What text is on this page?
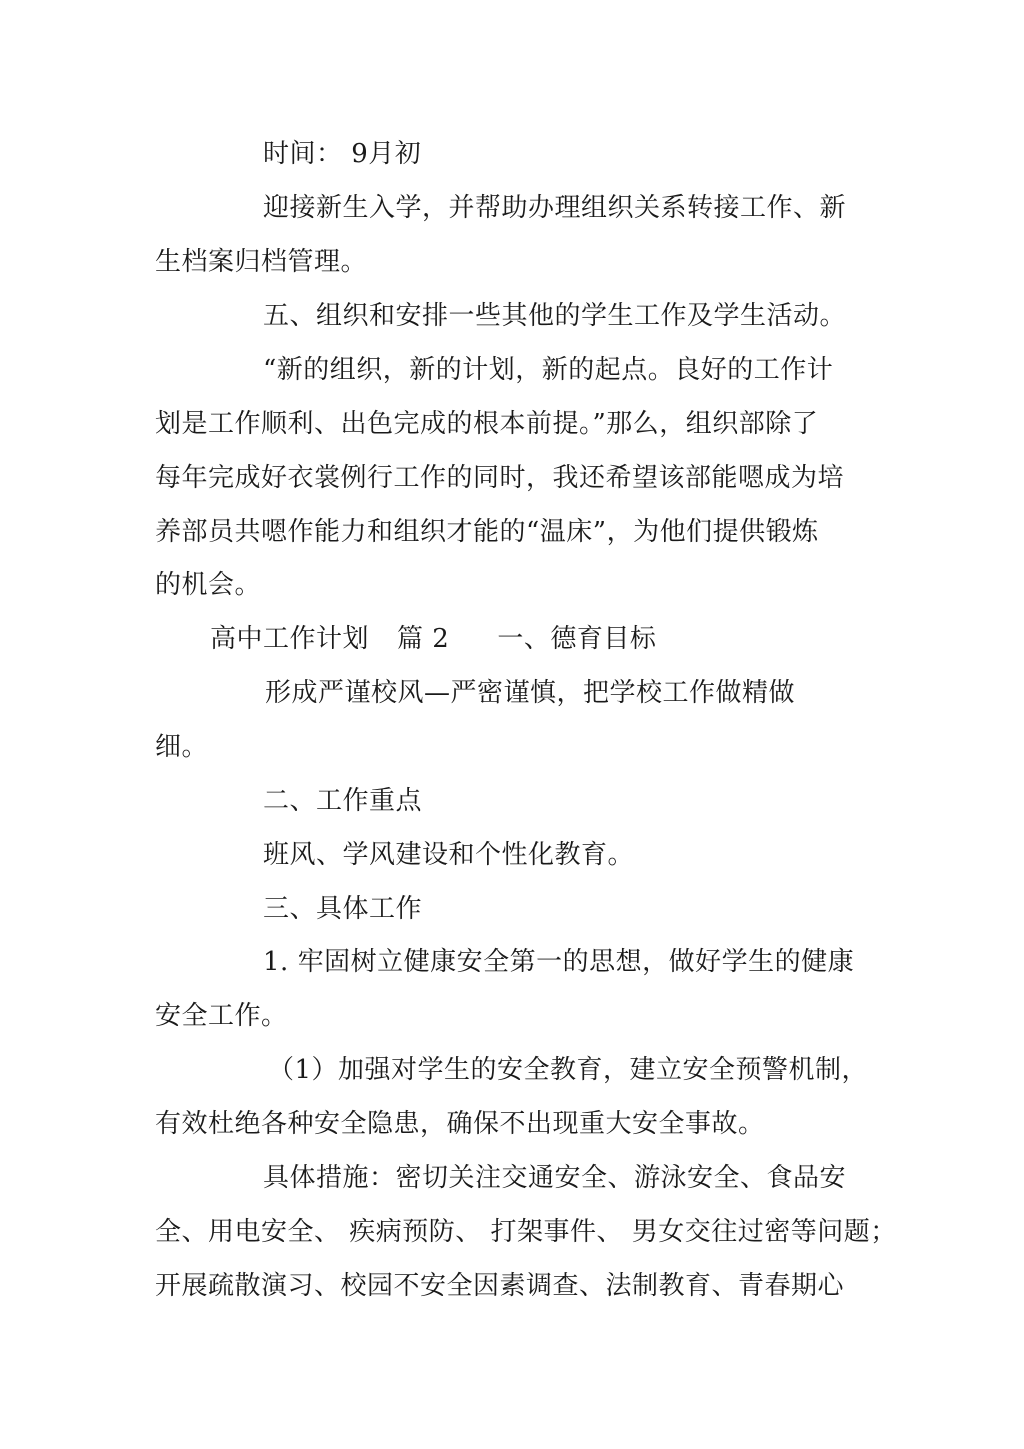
时间： 9月初
迎接新生入学，并帮助办理组织关系转接工作、新
生档案归档管理。
五、组织和安排一些其他的学生工作及学生活动。
“新的组织，新的计划，新的起点。良好的工作计
划是工作顺利、出色完成的根本前提。”那么，组织部除了
每年完成好衣裳例行工作的同时，我还希望该部能嗯成为培
养部员共嗯作能力和组织才能的“温床”，为他们提供锻炼
的机会。
高中工作计划 篇 2 一、德育目标
形成严谨校风—严密谨慎，把学校工作做精做
细。
二、工作重点
班风、学风建设和个性化教育。
三、具体工作
1. 牢固树立健康安全第一的思想，做好学生的健康
安全工作。
（1）加强对学生的安全教育，建立安全预警机制，
有效杜绝各种安全隐患，确保不出现重大安全事故。
具体措施：密切关注交通安全、游泳安全、食品安
全、用电安全、 疾病预防、 打架事件、 男女交往过密等问题；
开展疏散演习、校园不安全因素调查、法制教育、青春期心
